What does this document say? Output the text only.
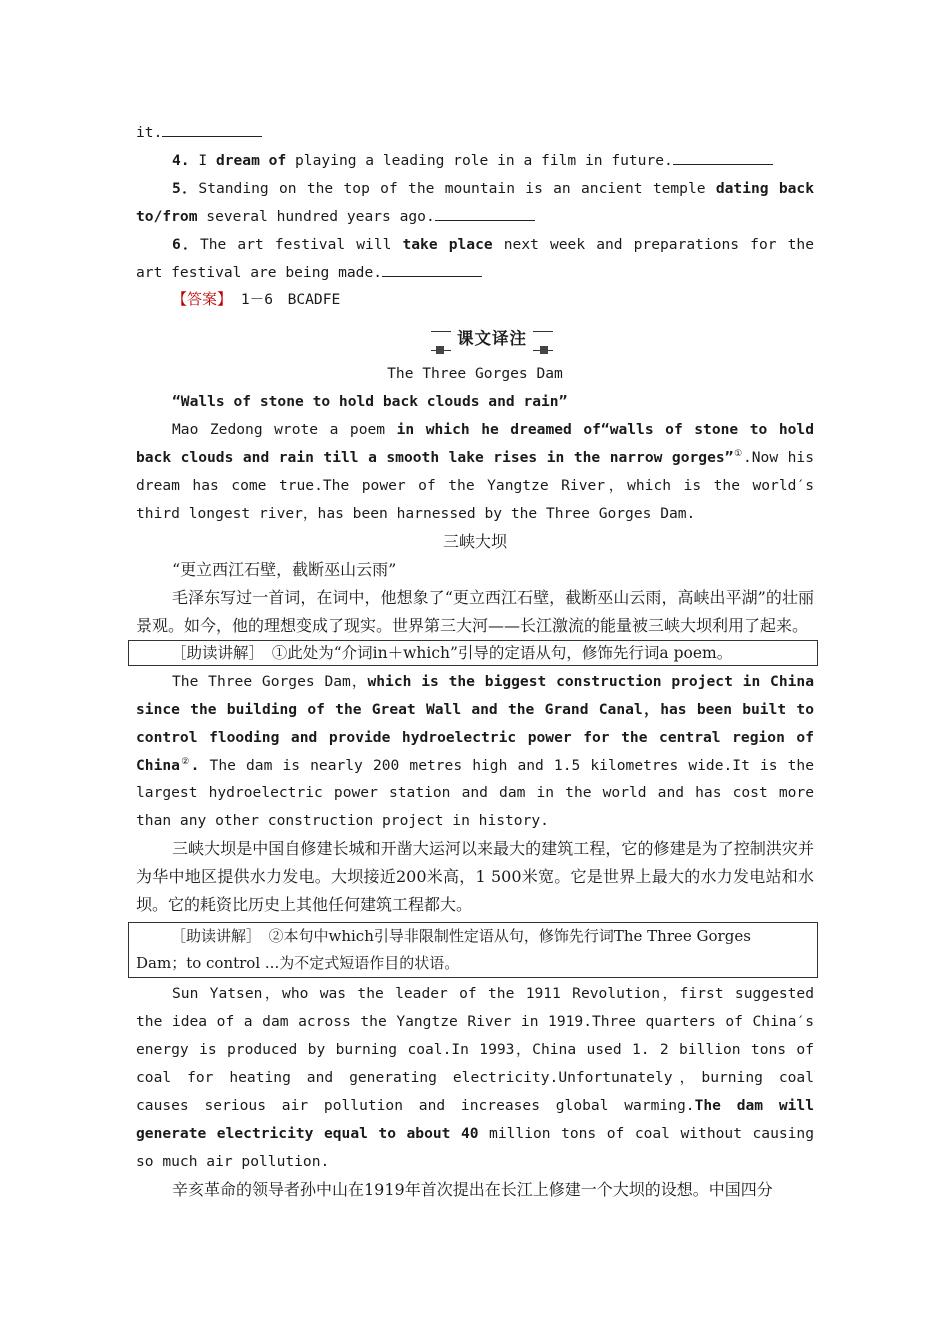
it.

4. I dream of playing a leading role in a film in future.

5．Standing on the top of the mountain is an ancient temple dating back to/from several hundred years ago.

6．The art festival will take place next week and preparations for the art festival are being made.

【答案】 1－6　BCADFE

课文译注

The Three Gorges Dam

“Walls of stone to hold back clouds and rain”

Mao Zedong wrote a poem in which he dreamed of“walls of stone to hold back clouds and rain till a smooth lake rises in the narrow gorges”①.Now his dream has come true.The power of the Yangtze River，which is the world′s third longest river，has been harnessed by the Three Gorges Dam.

三峡大坝

“更立西江石壁，截断巫山云雨”

毛泽东写过一首词，在词中，他想象了“更立西江石壁，截断巫山云雨，高峡出平湖”的壮丽景观。如今，他的理想变成了现实。世界第三大河——长江激流的能量被三峡大坝利用了起来。

［助读讲解］　①此处为“介词in＋which”引导的定语从句，修饰先行词a poem。

The Three Gorges Dam，which is the biggest construction project in China since the building of the Great Wall and the Grand Canal，has been built to control flooding and provide hydroelectric power for the central region of China②. The dam is nearly 200 metres high and 1.5 kilometres wide.It is the largest hydroelectric power station and dam in the world and has cost more than any other construction project in history.

三峡大坝是中国自修建长城和开凿大运河以来最大的建筑工程，它的修建是为了控制洪灾并为华中地区提供水力发电。大坝接近200米高，1 500米宽。它是世界上最大的水力发电站和水坝。它的耗资比历史上其他任何建筑工程都大。

［助读讲解］　②本句中which引导非限制性定语从句，修饰先行词The Three Gorges

Dam；to control ...为不定式短语作目的状语。

Sun Yatsen，who was the leader of the 1911 Revolution，first suggested the idea of a dam across the Yangtze River in 1919.Three quarters of China′s energy is produced by burning coal.In 1993，China used 1. 2 billion tons of coal for heating and generating electricity.Unfortunately，burning coal causes serious air pollution and increases global warming.The dam will generate electricity equal to about 40 million tons of coal without causing so much air pollution.

辛亥革命的领导者孙中山在1919年首次提出在长江上修建一个大坝的设想。中国四分
